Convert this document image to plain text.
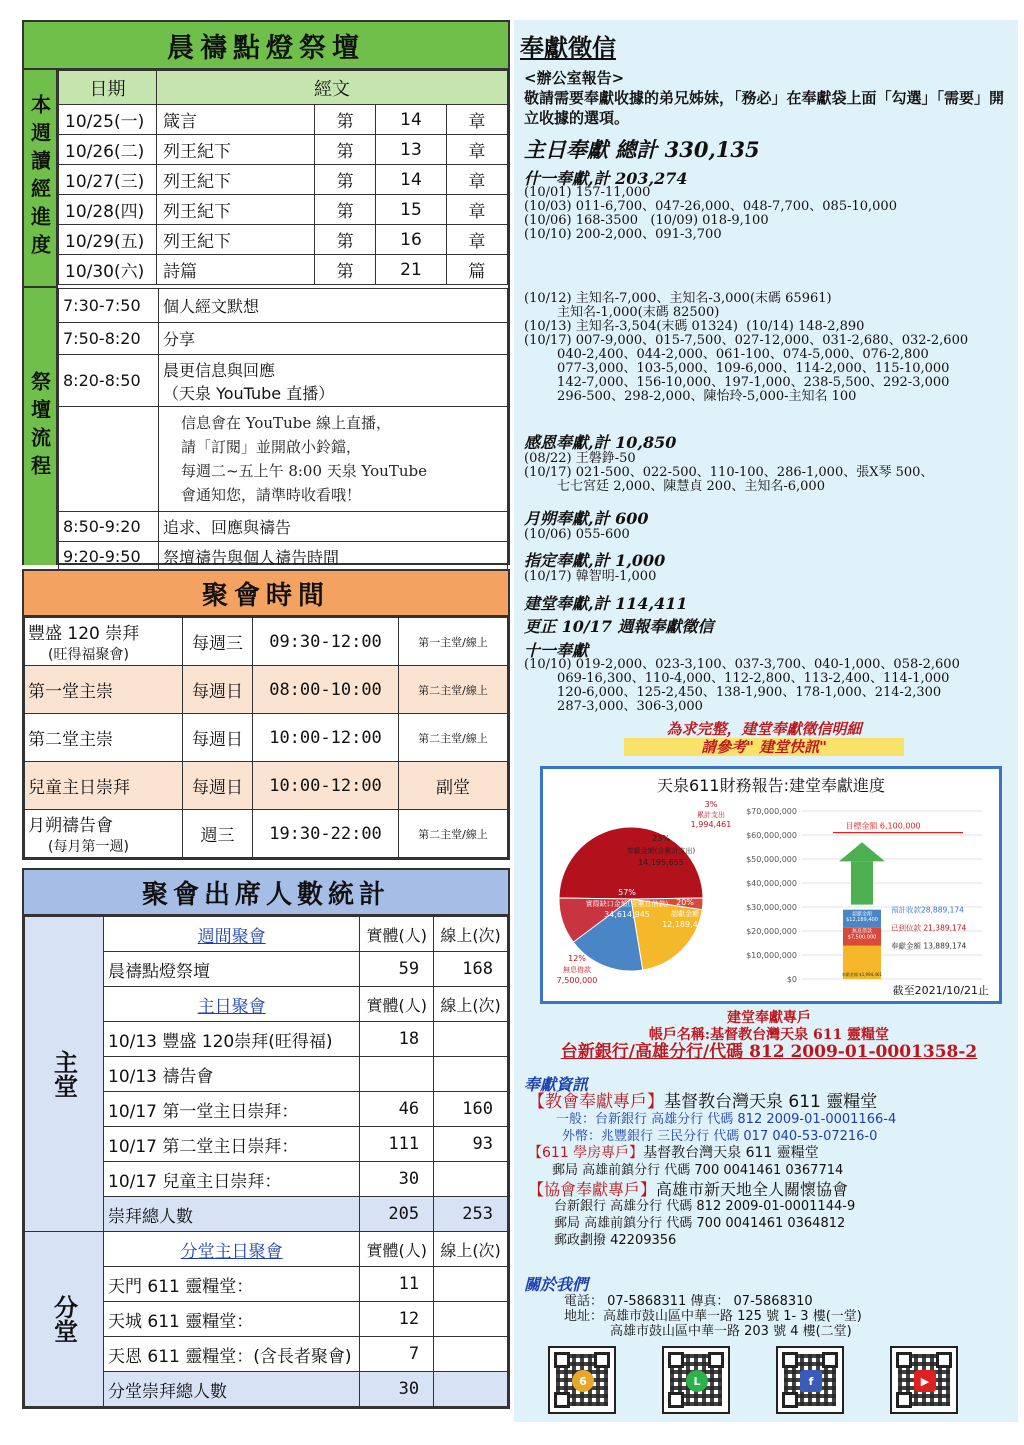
晨禱點燈祭壇
本週讀經進度
祭壇流程
日期	經文			
10/25(一)	箴言	第	14	章
10/26(二)	列王紀下	第	13	章
10/27(三)	列王紀下	第	14	章
10/28(四)	列王紀下	第	15	章
10/29(五)	列王紀下	第	16	章
10/30(六)	詩篇	第	21	篇
7:30-7:50	個人經文默想
7:50-8:20	分享
8:20-8:50	晨更信息與回應
（天泉 YouTube 直播）

	信息會在 YouTube 線上直播，
請「訂閱」並開啟小鈴鐺，
每週二~五上午 8:00 天泉 YouTube
會通知您，請準時收看哦！

8:50-9:20	追求、回應與禱告
9:20-9:50	祭壇禱告與個人禱告時間
聚會時間
豐盛 120 崇拜
(旺得福聚會)	每週三	09:30-12:00	第一主堂/線上
第一堂主崇	每週日	08:00-10:00	第二主堂/線上
第二堂主崇	每週日	10:00-12:00	第二主堂/線上
兒童主日崇拜	每週日	10:00-12:00	副堂
月朔禱告會
(每月第一週)	週三	19:30-22:00	第二主堂/線上
聚會出席人數統計
主堂	週間聚會	實體(人)	線上(次)
	晨禱點燈祭壇	59	168
	主日聚會	實體(人)	線上(次)
	10/13 豐盛 120崇拜(旺得福)	18	
	10/13 禱告會		
	10/17 第一堂主日崇拜：	46	160
	10/17 第二堂主日崇拜：	111	93
	10/17 兒童主日崇拜：	30	
	崇拜總人數	205	253
分堂	分堂主日聚會	實體(人)	線上(次)
	天門 611 靈糧堂：	11	
	天城 611 靈糧堂：	12	
	天恩 611 靈糧堂：(含長者聚會)	7	
	分堂崇拜總人數	30	
奉獻徵信
<辦公室報告>
敬請需要奉獻收據的弟兄姊妹，「務必」在奉獻袋上面「勾選」「需要」開立收據的選項。
主日奉獻 總計 330,135
什一奉獻,計 203,274
(10/01) 157-11,000
(10/03) 011-6,700、047-26,000、048-7,700、085-10,000
(10/06) 168-3500   (10/09) 018-9,100
(10/10) 200-2,000、091-3,700

(10/12) 主知名-7,000、主知名-3,000(末碼 65961)
主知名-1,000(末碼 82500)
(10/13) 主知名-3,504(末碼 01324)  (10/14) 148-2,890
(10/17) 007-9,000、015-7,500、027-12,000、031-2,680、032-2,600
040-2,400、044-2,000、061-100、074-5,000、076-2,800
077-3,000、103-5,000、109-6,000、114-2,000、115-10,000
142-7,000、156-10,000、197-1,000、238-5,500、292-3,000
296-500、298-2,000、陳怡玲-5,000-主知名 100
感恩奉獻,計 10,850
(08/22) 王磐錚-50
(10/17) 021-500、022-500、110-100、286-1,000、張X琴 500、
七七宮廷 2,000、陳慧貞 200、主知名-6,000
月朔奉獻,計 600
(10/06) 055-600
指定奉獻,計 1,000
(10/17) 韓智明-1,000
建堂奉獻,計 114,411
更正 10/17 週報奉獻徵信
十一奉獻
(10/10) 019-2,000、023-3,100、037-3,700、040-1,000、058-2,600
069-16,300、110-4,000、112-2,800、113-2,400、114-1,000
120-6,000、125-2,450、138-1,900、178-1,000、214-2,300
287-3,000、306-3,000
為求完整，建堂奉獻徵信明細
請參考" 建堂快訊"
天泉611財務報告:建堂奉獻進度
57%
實際缺口金額(含無息借款)
34,614,945
23%
奉獻金額(含累計支出)
14,195,655
20%
認獻金額
12,189,400
3%
累計支出
1,994,461
12%
無息借款
7,500,000
$70,000,000
$60,000,000
$50,000,000
$40,000,000
$30,000,000
$20,000,000
$10,000,000
$0
目標金額 6,100,000
認獻金額
$12,189,400
無息借款
$7,500,000
奉獻金額 $1,994,461
預計收款28,889,174
已到位款 21,389,174
奉獻金額 13,889,174
截至2021/10/21止
建堂奉獻專戶
帳戶名稱:基督教台灣天泉 611 靈糧堂
台新銀行/高雄分行/代碼 812 2009-01-0001358-2
奉獻資訊
【教會奉獻專戶】基督教台灣天泉 611 靈糧堂
一般：台新銀行 高雄分行 代碼 812 2009-01-0001166-4
外幣：兆豐銀行 三民分行 代碼 017 040-53-07216-0
【611 學房專戶】基督教台灣天泉 611 靈糧堂
郵局 高雄前鎮分行 代碼 700 0041461 0367714
【協會奉獻專戶】高雄市新天地全人關懷協會
台新銀行 高雄分行 代碼 812 2009-01-0001144-9
郵局 高雄前鎮分行 代碼 700 0041461 0364812
郵政劃撥 42209356
關於我們
電話： 07-5868311 傳真： 07-5868310
地址：高雄市鼓山區中華一路 125 號 1- 3 樓(一堂)
高雄市鼓山區中華一路 203 號 4 樓(二堂)
6	L	f	▶
